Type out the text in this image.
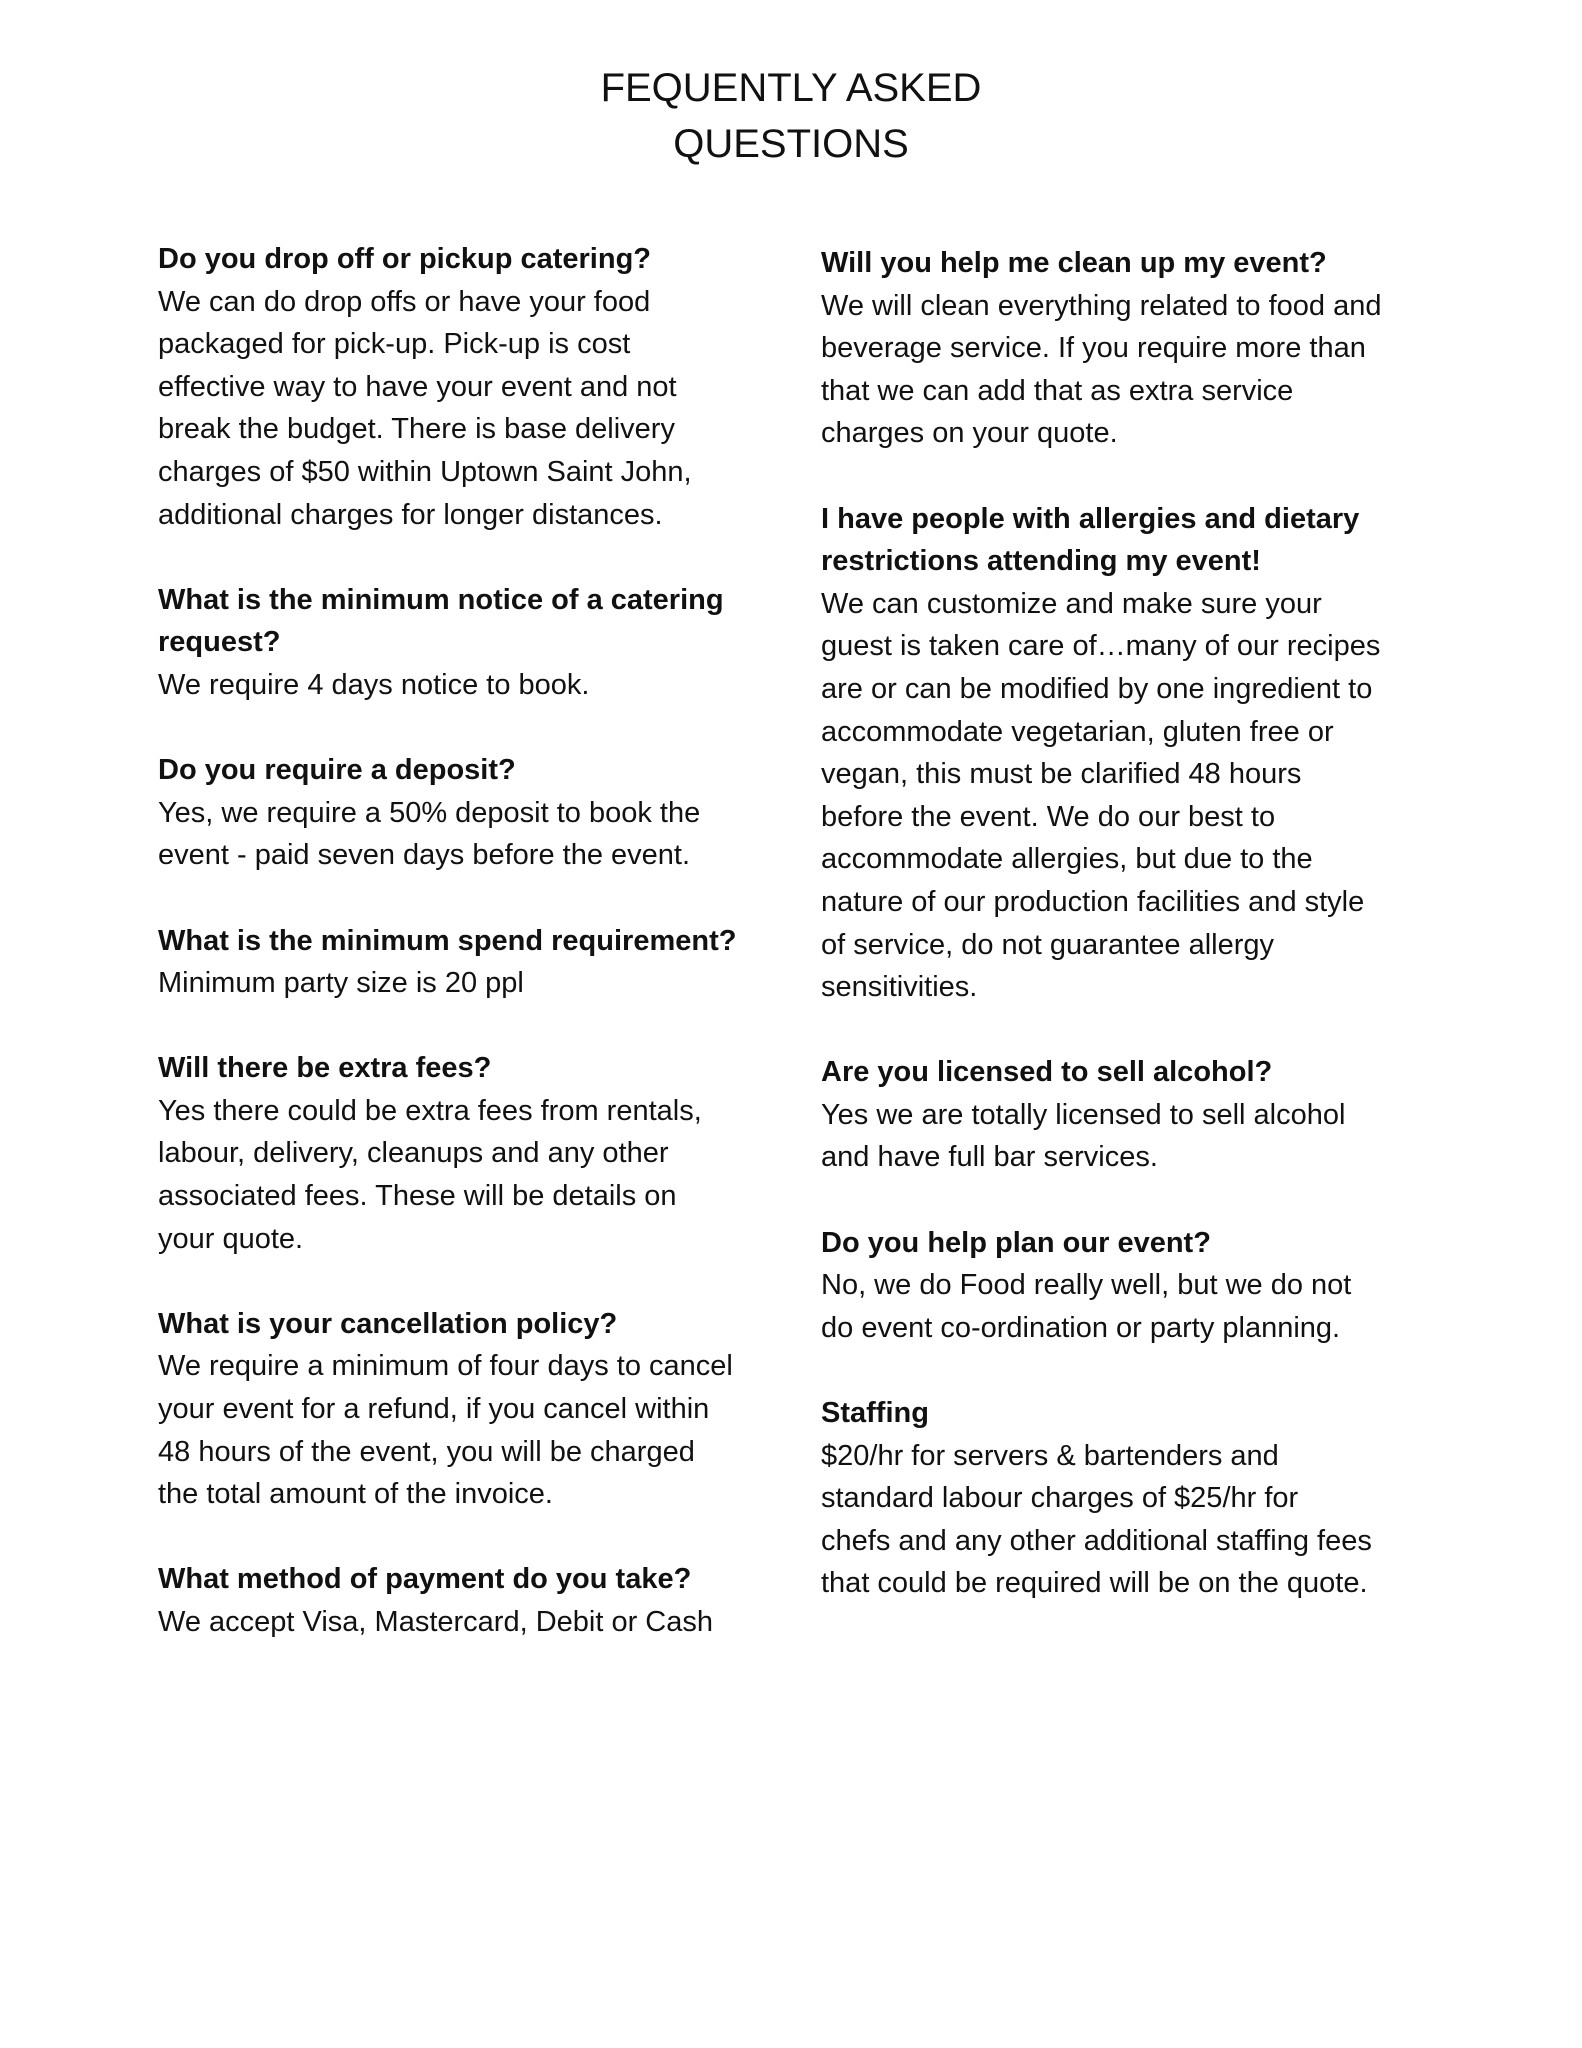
FEQUENTLY ASKED
QUESTIONS

Do you drop off or pickup catering?

We can do drop offs or have your food
packaged for pick-up. Pick-up is cost
effective way to have your event and not
break the budget. There is base delivery
charges of $50 within Uptown Saint John,
additional charges for longer distances.

What is the minimum notice of a catering
request?

We require 4 days notice to book.

Do you require a deposit?

Yes, we require a 50% deposit to book the
event - paid seven days before the event.

What is the minimum spend requirement?

Minimum party size is 20 ppl

Will there be extra fees?

Yes there could be extra fees from rentals,
labour, delivery, cleanups and any other
associated fees. These will be details on
your quote.

What is your cancellation policy?

We require a minimum of four days to cancel
your event for a refund, if you cancel within
48 hours of the event, you will be charged
the total amount of the invoice.

What method of payment do you take?

We accept Visa, Mastercard, Debit or Cash

Will you help me clean up my event?

We will clean everything related to food and
beverage service. If you require more than
that we can add that as extra service
charges on your quote.

I have people with allergies and dietary
restrictions attending my event!

We can customize and make sure your
guest is taken care of…many of our recipes
are or can be modified by one ingredient to
accommodate vegetarian, gluten free or
vegan, this must be clarified 48 hours
before the event. We do our best to
accommodate allergies, but due to the
nature of our production facilities and style
of service, do not guarantee allergy
sensitivities.

Are you licensed to sell alcohol?

Yes we are totally licensed to sell alcohol
and have full bar services.

Do you help plan our event?

No, we do Food really well, but we do not
do event co-ordination or party planning.

Staffing

$20/hr for servers & bartenders and
standard labour charges of $25/hr for
chefs and any other additional staffing fees
that could be required will be on the quote.
